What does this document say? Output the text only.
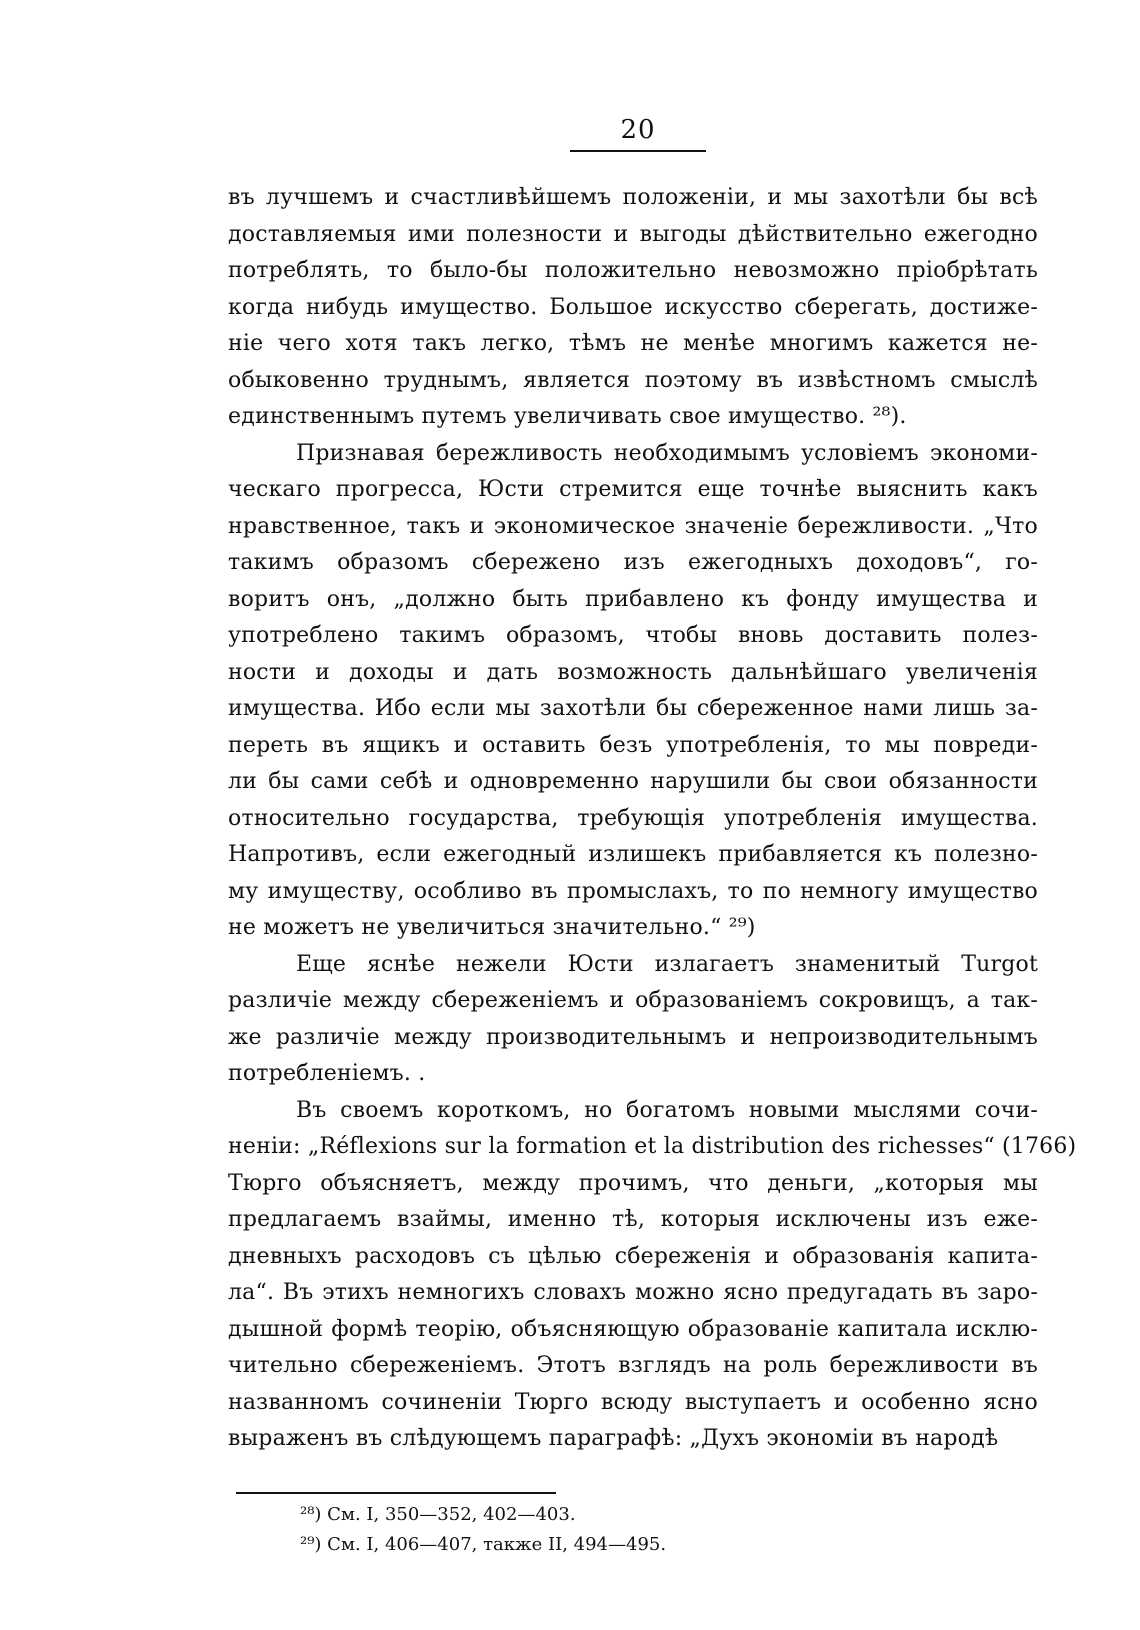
20
въ лучшемъ и счастливѣйшемъ положеніи, и мы захотѣли бы всѣ
доставляемыя ими полезности и выгоды дѣйствительно ежегодно
потреблять, то было-бы положительно невозможно пріобрѣтать
когда нибудь имущество. Большое искусство сберегать, достиже-
ніе чего хотя такъ легко, тѣмъ не менѣе многимъ кажется не-
обыковенно труднымъ, является поэтому въ извѣстномъ смыслѣ
единственнымъ путемъ увеличивать свое имущество. ²⁸).
Признавая бережливость необходимымъ условіемъ экономи-
ческаго прогресса, Юсти стремится еще точнѣе выяснить какъ
нравственное, такъ и экономическое значеніе бережливости. „Что
такимъ образомъ сбережено изъ ежегодныхъ доходовъ“, го-
воритъ онъ, „должно быть прибавлено къ фонду имущества и
употреблено такимъ образомъ, чтобы вновь доставить полез-
ности и доходы и дать возможность дальнѣйшаго увеличенія
имущества. Ибо если мы захотѣли бы сбереженное нами лишь за-
переть въ ящикъ и оставить безъ употребленія, то мы повреди-
ли бы сами себѣ и одновременно нарушили бы свои обязанности
относительно государства, требующія употребленія имущества.
Напротивъ, если ежегодный излишекъ прибавляется къ полезно-
му имуществу, особливо въ промыслахъ, то по немногу имущество
не можетъ не увеличиться значительно.“ ²⁹)
Еще яснѣе нежели Юсти излагаетъ знаменитый Turgot
различіе между сбереженіемъ и образованіемъ сокровищъ, а так-
же различіе между производительнымъ и непроизводительнымъ
потребленіемъ. .
Въ своемъ короткомъ, но богатомъ новыми мыслями сочи-
неніи: „Réflexions sur la formation et la distribution des richesses“ (1766)
Тюрго объясняетъ, между прочимъ, что деньги, „которыя мы
предлагаемъ взаймы, именно тѣ, которыя исключены изъ еже-
дневныхъ расходовъ съ цѣлью сбереженія и образованія капита-
ла“. Въ этихъ немногихъ словахъ можно ясно предугадать въ заро-
дышной формѣ теорію, объясняющую образованіе капитала исклю-
чительно сбереженіемъ. Этотъ взглядъ на роль бережливости въ
названномъ сочиненіи Тюрго всюду выступаетъ и особенно ясно
выраженъ въ слѣдующемъ параграфѣ: „Духъ экономіи въ народѣ
²⁸) См. I, 350—352, 402—403.
²⁹) См. I, 406—407, также II, 494—495.
